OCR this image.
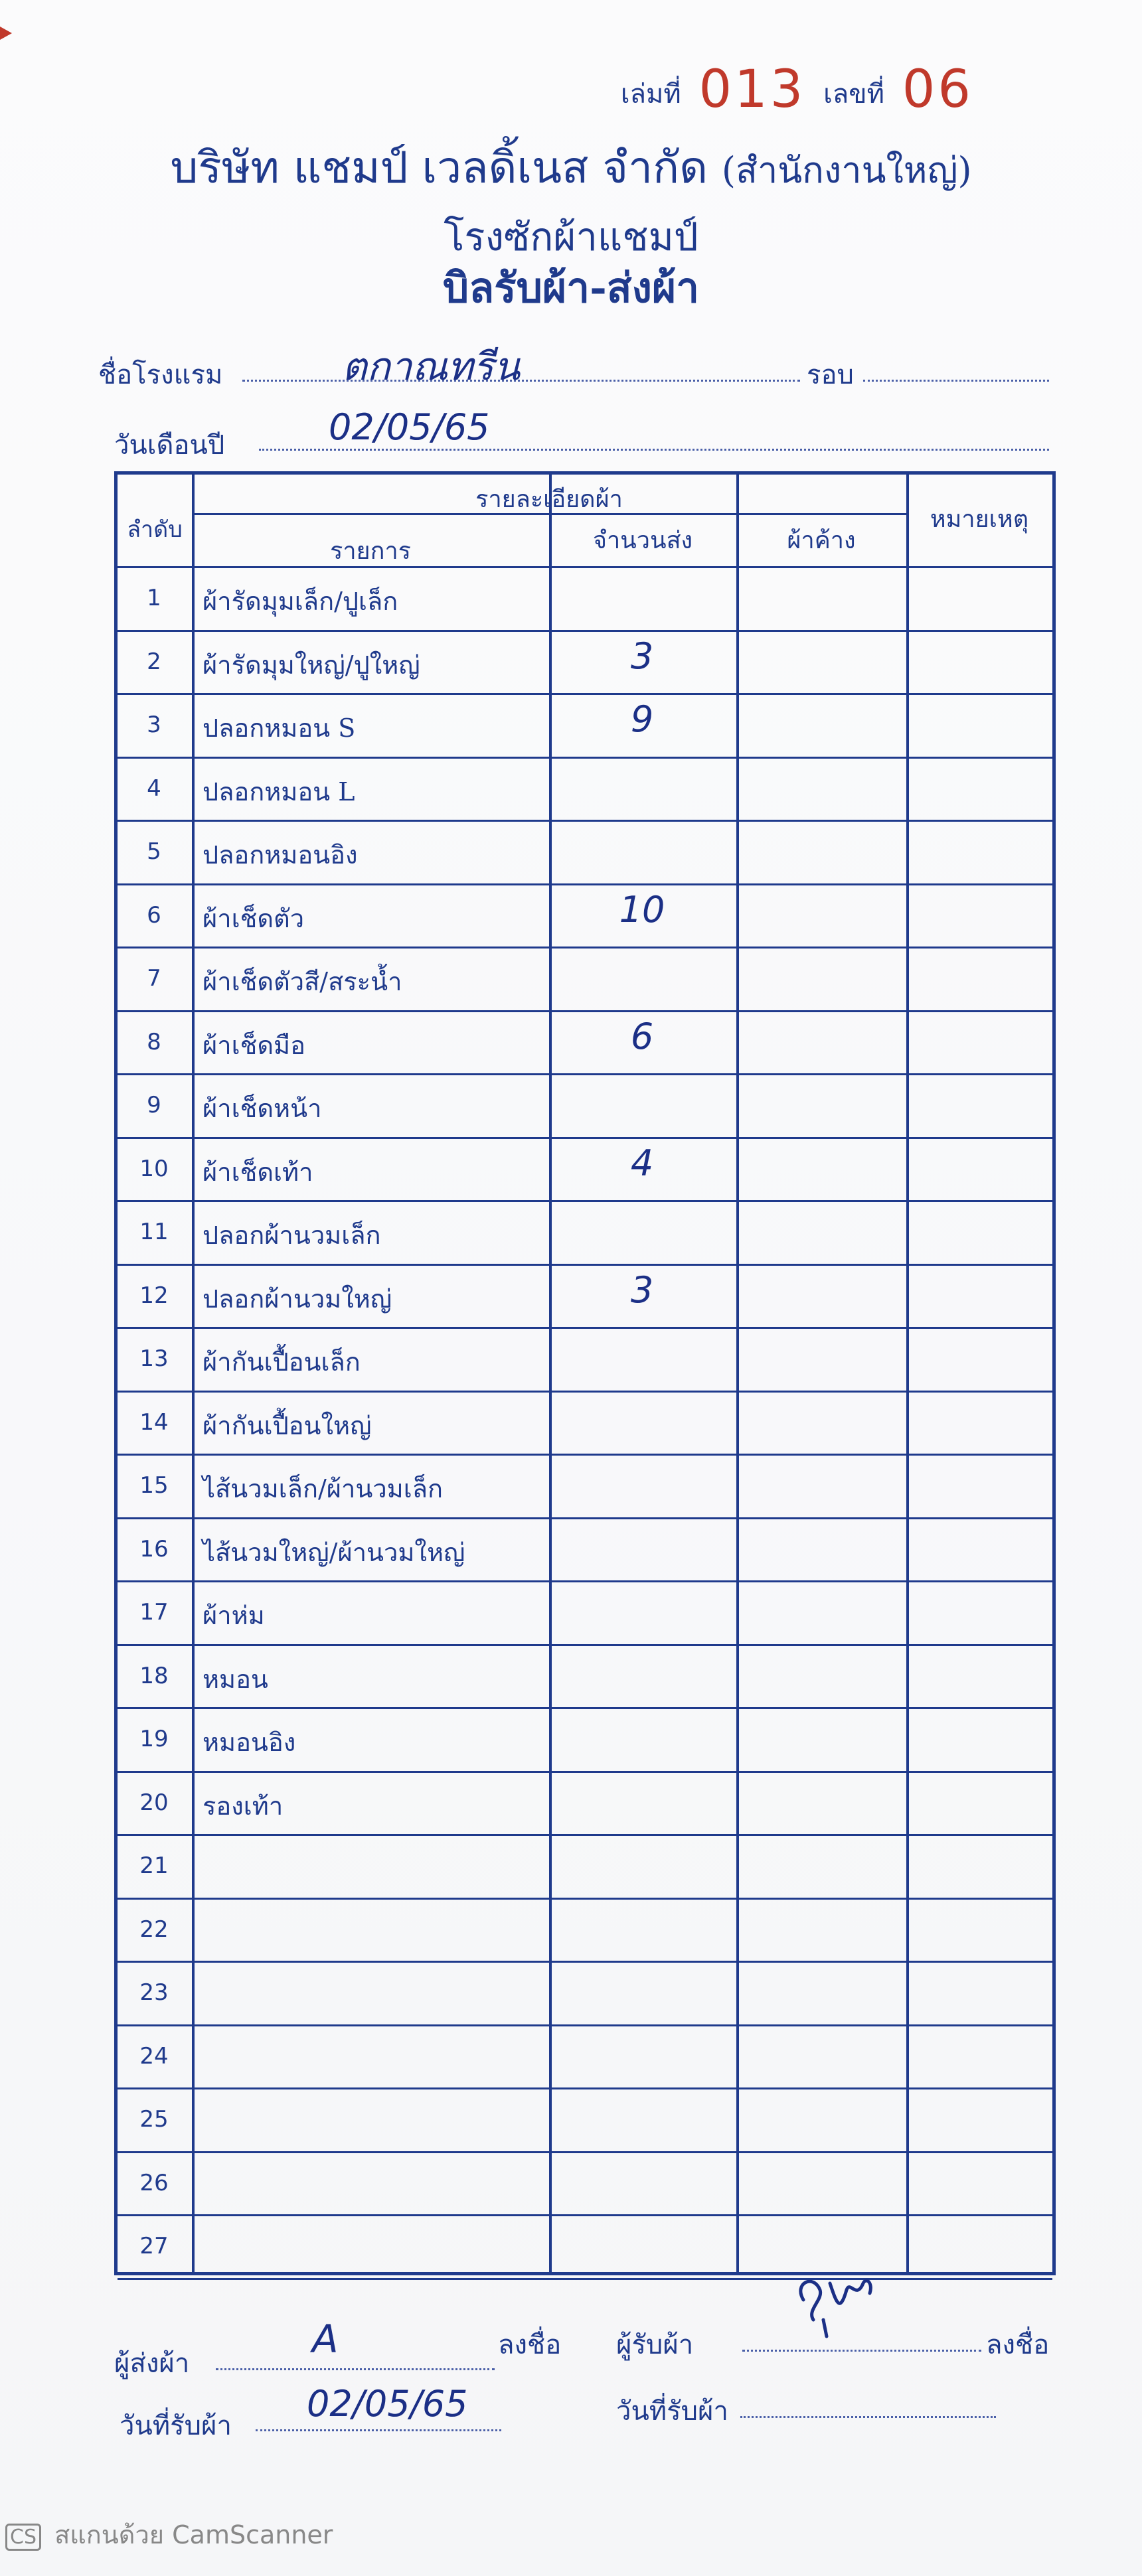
เล่มที่ 013 เลขที่ 06
บริษัท แชมป์ เวลดิ้เนส จำกัด (สำนักงานใหญ่)
โรงซักผ้าแชมป์
บิลรับผ้า-ส่งผ้า
ชื่อโรงแรม	ตกาณทรีน	รอบ
วันเดือนปี	02/05/65
ลำดับ
รายละเอียดผ้า
รายการ	จำนวนส่ง	ผ้าค้าง
หมายเหตุ
1	ผ้ารัดมุมเล็ก/ปูเล็ก
2	ผ้ารัดมุมใหญ่/ปูใหญ่	3
3	ปลอกหมอน S	9
4	ปลอกหมอน L
5	ปลอกหมอนอิง
6	ผ้าเช็ดตัว	10
7	ผ้าเช็ดตัวสี/สระน้ำ
8	ผ้าเช็ดมือ	6
9	ผ้าเช็ดหน้า
10	ผ้าเช็ดเท้า	4
11	ปลอกผ้านวมเล็ก
12	ปลอกผ้านวมใหญ่	3
13	ผ้ากันเปื้อนเล็ก
14	ผ้ากันเปื้อนใหญ่
15	ไส้นวมเล็ก/ผ้านวมเล็ก
16	ไส้นวมใหญ่/ผ้านวมใหญ่
17	ผ้าห่ม
18	หมอน
19	หมอนอิง
20	รองเท้า
21
22
23
24
25
26
27
ผู้ส่งผ้า
A	ลงชื่อ ผู้รับผ้า	ลงชื่อ
วันที่รับผ้า
02/05/65	วันที่รับผ้า
CS สแกนด้วย CamScanner
